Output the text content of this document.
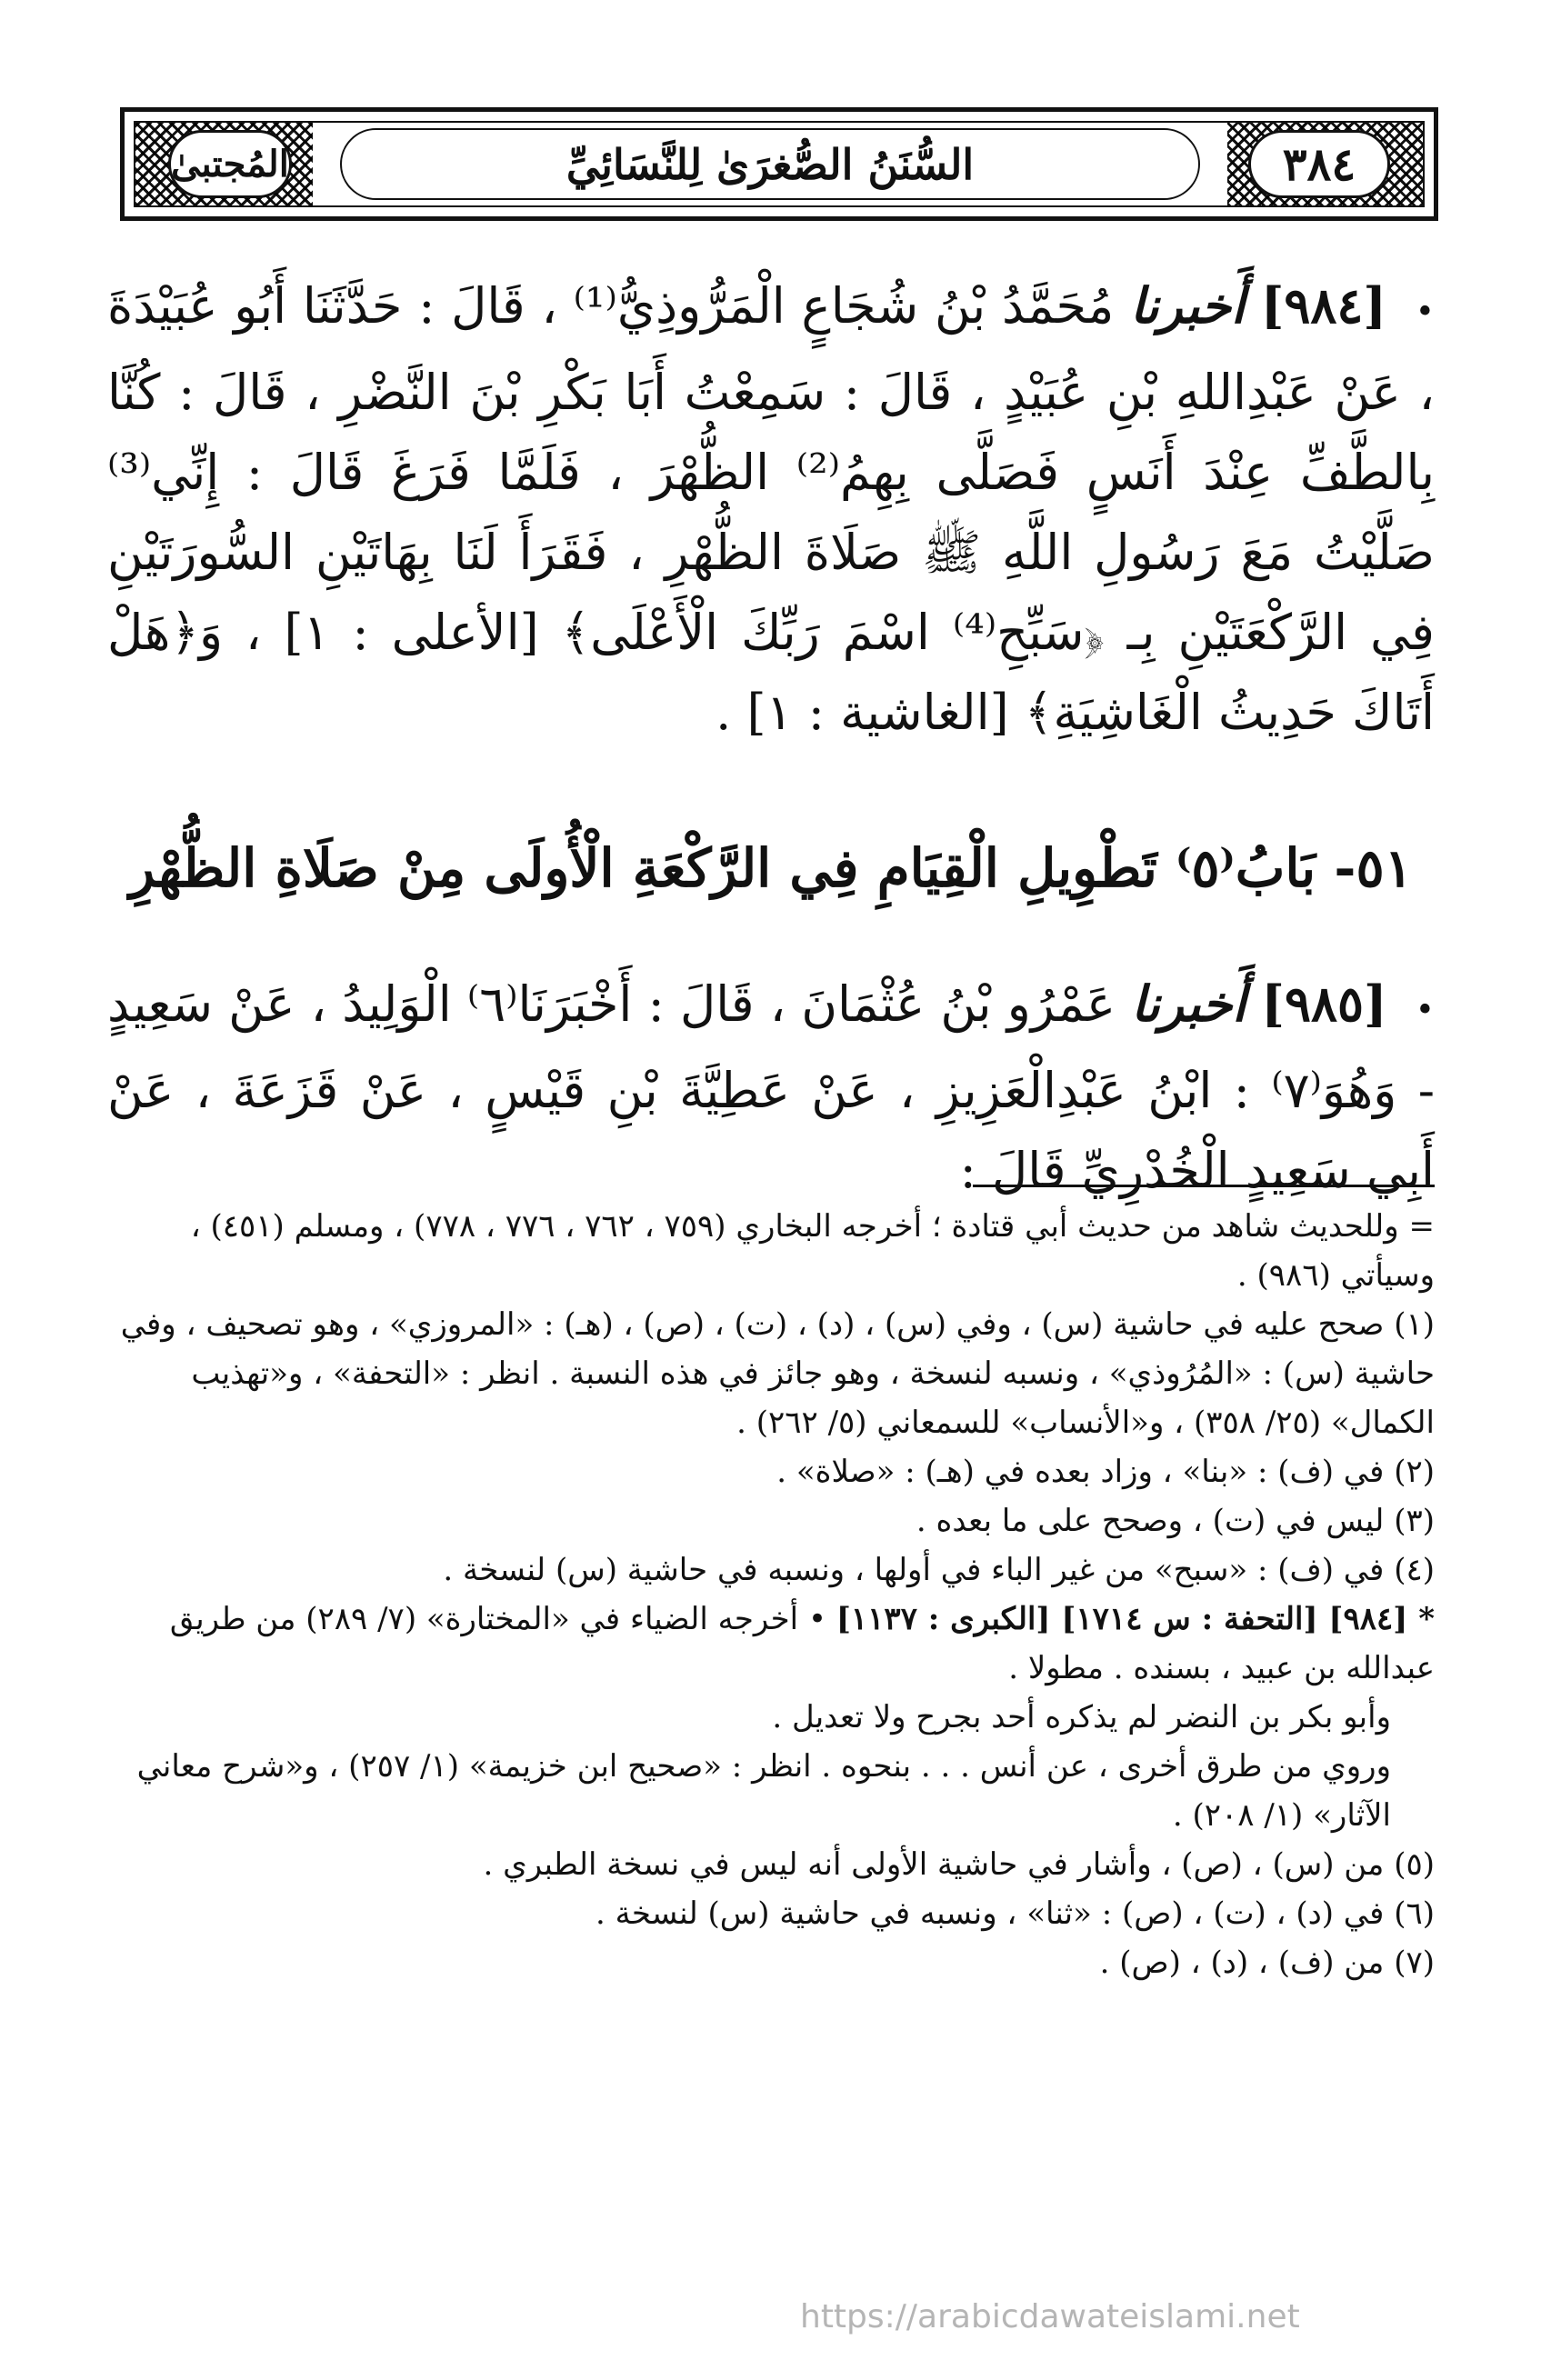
السُّنَنُ الصُّغرَىٰ لِلنَّسَائِيِّ	٣٨٤
المُجتبىٰ
• [٩٨٤] أَخبرنا مُحَمَّدُ بْنُ شُجَاعٍ الْمَرُّوذِيُّ⁽¹⁾ ، قَالَ : حَدَّثَنَا أَبُو عُبَيْدَةَ ، عَنْ عَبْدِاللهِ بْنِ عُبَيْدٍ ، قَالَ : سَمِعْتُ أَبَا بَكْرِ بْنَ النَّضْرِ ، قَالَ : كُنَّا بِالطَّفِّ عِنْدَ أَنَسٍ فَصَلَّى بِهِمُ⁽²⁾ الظُّهْرَ ، فَلَمَّا فَرَغَ قَالَ : إِنِّي⁽³⁾ صَلَّيْتُ مَعَ رَسُولِ اللَّهِ ﷺ صَلَاةَ الظُّهْرِ ، فَقَرَأَ لَنَا بِهَاتَيْنِ السُّورَتَيْنِ فِي الرَّكْعَتَيْنِ بِـ ﴿سَبِّحِ⁽⁴⁾ اسْمَ رَبِّكَ الْأَعْلَى﴾ [الأعلى : ١] ، وَ﴿هَلْ أَتَاكَ حَدِيثُ الْغَاشِيَةِ﴾ [الغاشية : ١] .
٥١- بَابُ⁽٥⁾ تَطْوِيلِ الْقِيَامِ فِي الرَّكْعَةِ الْأُولَى مِنْ صَلَاةِ الظُّهْرِ
• [٩٨٥] أَخبرنا عَمْرُو بْنُ عُثْمَانَ ، قَالَ : أَخْبَرَنَا⁽٦⁾ الْوَلِيدُ ، عَنْ سَعِيدٍ - وَهُوَ⁽٧⁾ : ابْنُ عَبْدِالْعَزِيزِ ، عَنْ عَطِيَّةَ بْنِ قَيْسٍ ، عَنْ قَزَعَةَ ، عَنْ أَبِي سَعِيدٍ الْخُدْرِيِّ قَالَ :

= وللحديث شاهد من حديث أبي قتادة ؛ أخرجه البخاري (٧٥٩ ، ٧٦٢ ، ٧٧٦ ، ٧٧٨) ، ومسلم (٤٥١) ، وسيأتي (٩٨٦) .

(١) صحح عليه في حاشية (س) ، وفي (س) ، (د) ، (ت) ، (ص) ، (هـ) : «المروزي» ، وهو تصحيف ، وفي حاشية (س) : «المُرُوذي» ، ونسبه لنسخة ، وهو جائز في هذه النسبة . انظر : «التحفة» ، و«تهذيب الكمال» (٢٥/ ٣٥٨) ، و«الأنساب» للسمعاني (٥/ ٢٦٢) .

(٢) في (ف) : «بنا» ، وزاد بعده في (هـ) : «صلاة» .

(٣) ليس في (ت) ، وصحح على ما بعده .

(٤) في (ف) : «سبح» من غير الباء في أولها ، ونسبه في حاشية (س) لنسخة .

* [٩٨٤] [التحفة : س ١٧١٤] [الكبرى : ١١٣٧] • أخرجه الضياء في «المختارة» (٧/ ٢٨٩) من طريق عبدالله بن عبيد ، بسنده . مطولا .

وأبو بكر بن النضر لم يذكره أحد بجرح ولا تعديل .

وروي من طرق أخرى ، عن أنس . . . بنحوه . انظر : «صحيح ابن خزيمة» (١/ ٢٥٧) ، و«شرح معاني الآثار» (١/ ٢٠٨) .

(٥) من (س) ، (ص) ، وأشار في حاشية الأولى أنه ليس في نسخة الطبري .

(٦) في (د) ، (ت) ، (ص) : «ثنا» ، ونسبه في حاشية (س) لنسخة .

(٧) من (ف) ، (د) ، (ص) .

https://arabicdawateislami.net
